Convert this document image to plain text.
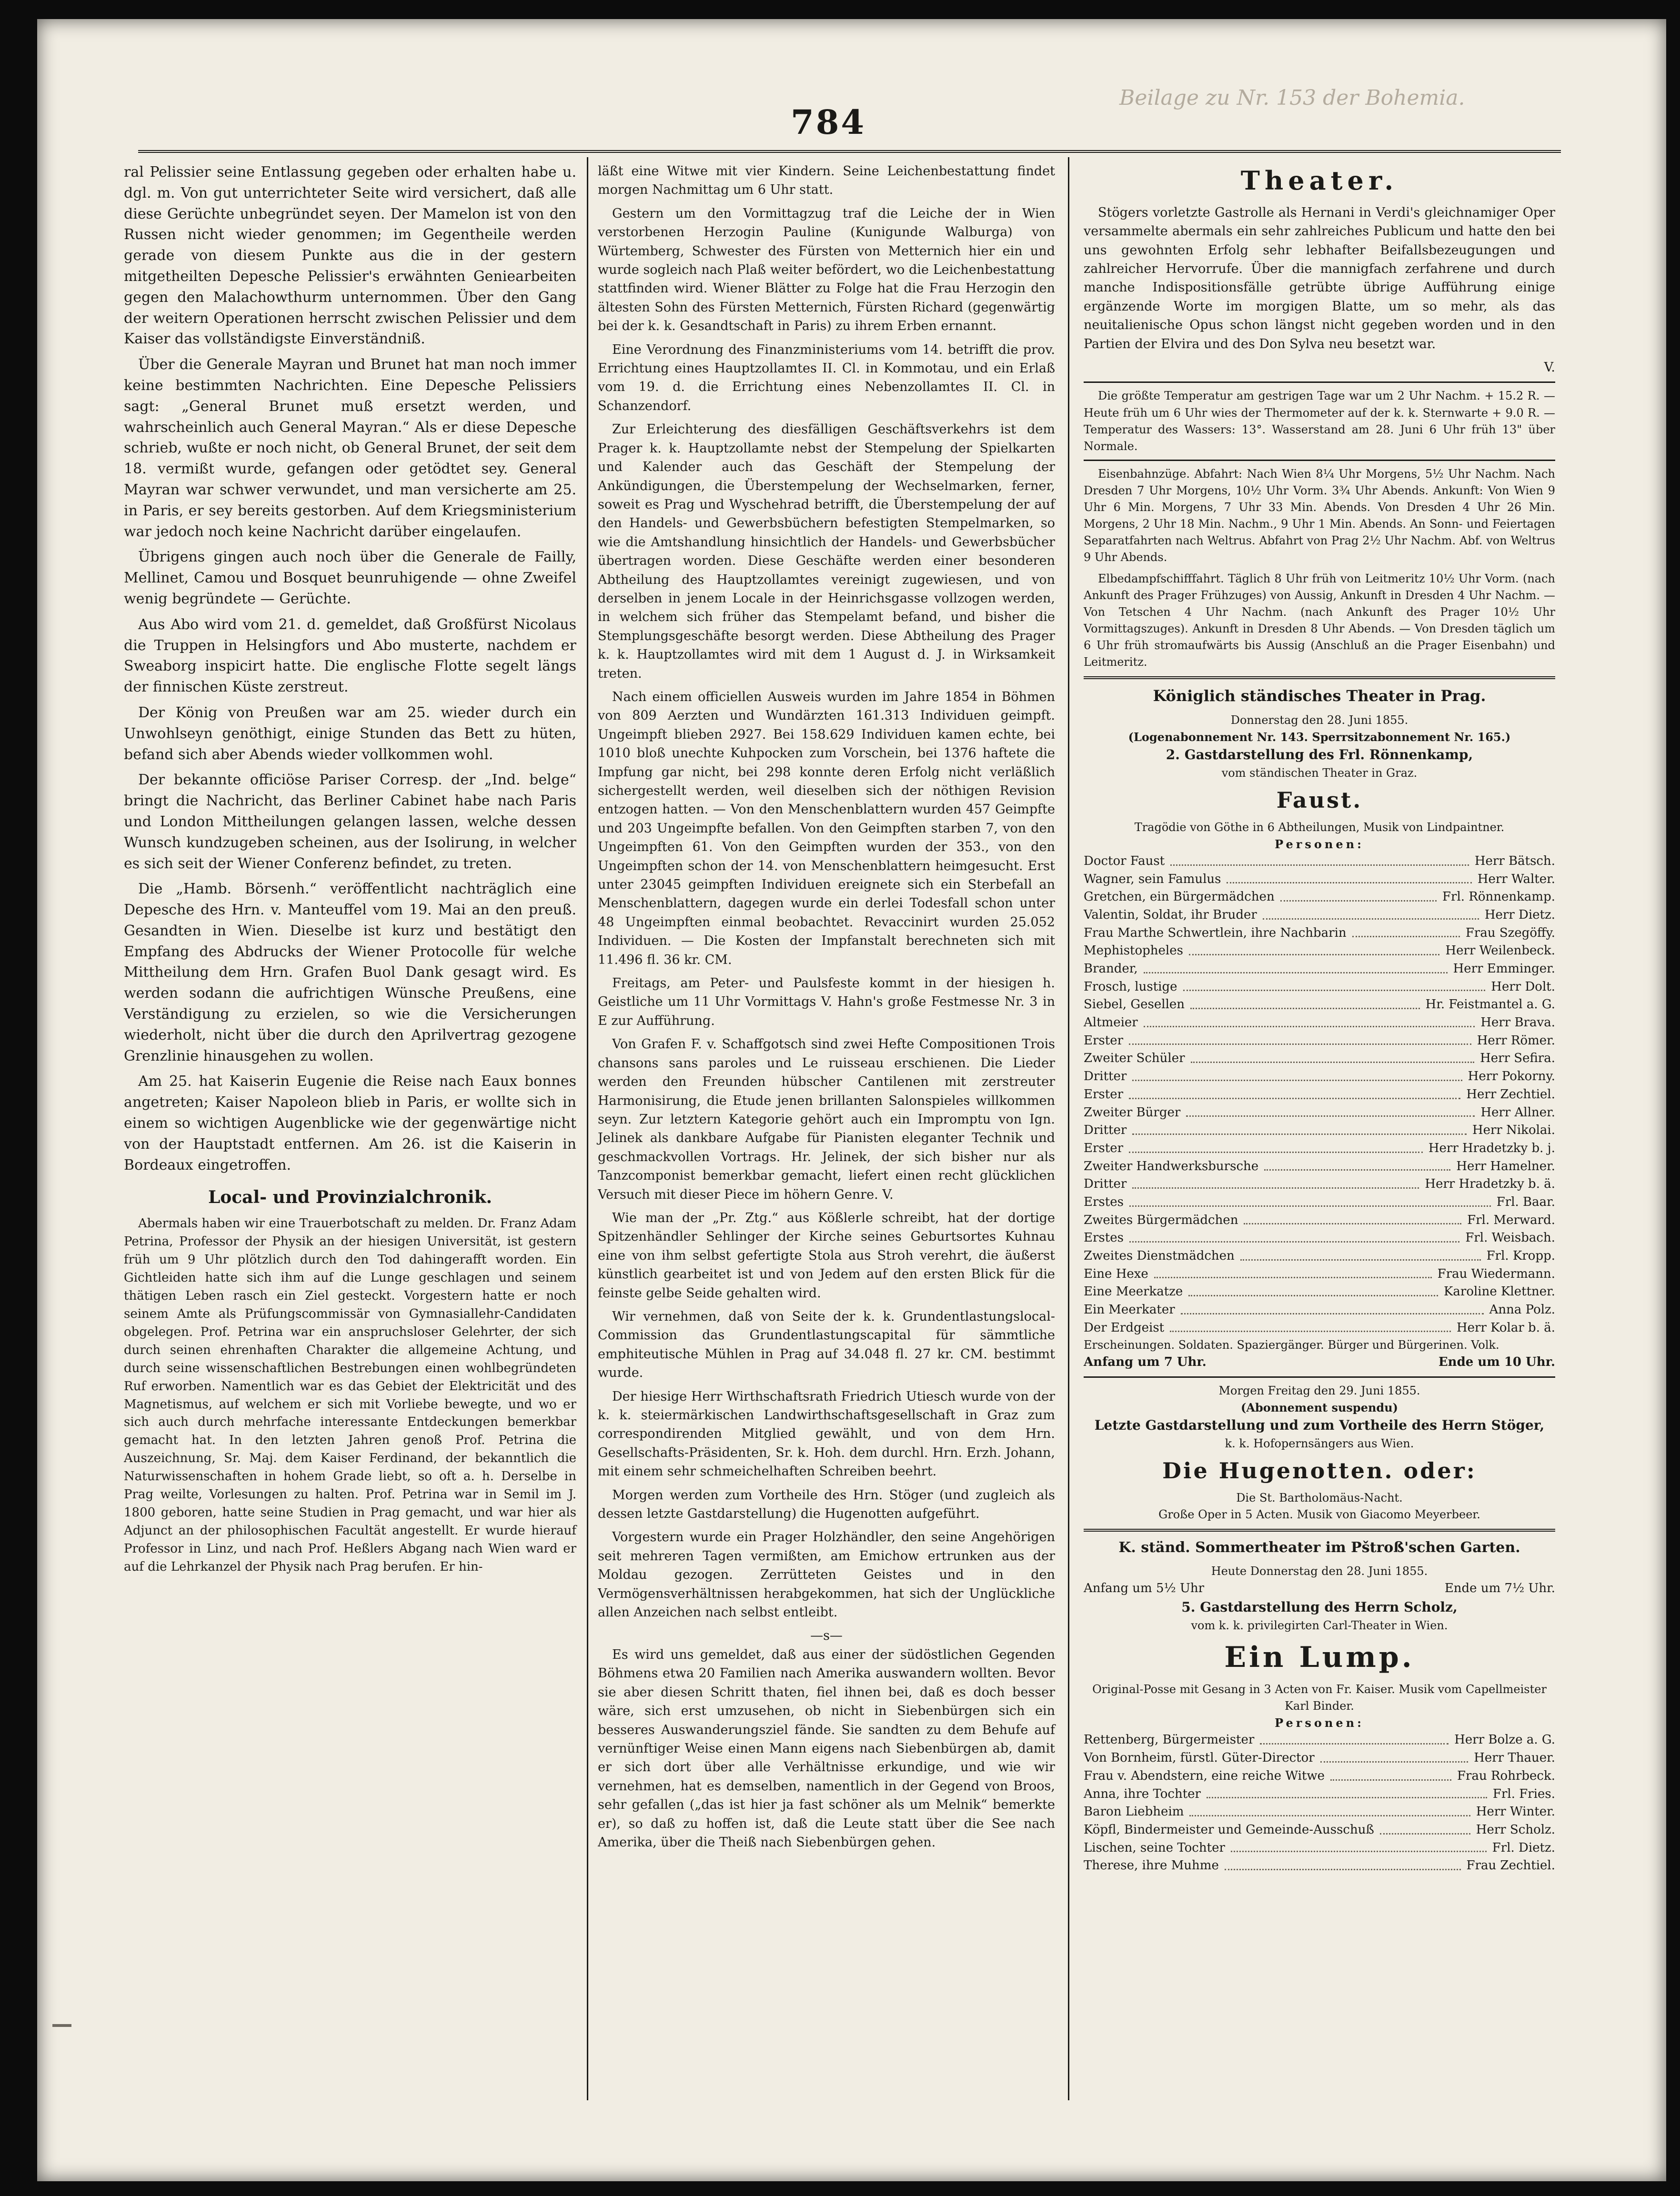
Beilage zu Nr. 153 der Bohemia.
784

ral Pelissier seine Entlassung gegeben oder erhalten habe u. dgl. m. Von gut unterrichteter Seite wird versichert, daß alle diese Gerüchte unbegründet seyen. Der Mamelon ist von den Russen nicht wieder genommen; im Gegentheile werden gerade von diesem Punkte aus die in der gestern mitgetheilten Depesche Pelissier's erwähnten Geniearbeiten gegen den Malachowthurm unternommen. Über den Gang der weitern Operationen herrscht zwischen Pelissier und dem Kaiser das vollständigste Einverständniß.

Über die Generale Mayran und Brunet hat man noch immer keine bestimmten Nachrichten. Eine Depesche Pelissiers sagt: „General Brunet muß ersetzt werden, und wahrscheinlich auch General Mayran.“ Als er diese Depesche schrieb, wußte er noch nicht, ob General Brunet, der seit dem 18. vermißt wurde, gefangen oder getödtet sey. General Mayran war schwer verwundet, und man versicherte am 25. in Paris, er sey bereits gestorben. Auf dem Kriegsministerium war jedoch noch keine Nachricht darüber eingelaufen.

Übrigens gingen auch noch über die Generale de Failly, Mellinet, Camou und Bosquet beunruhigende — ohne Zweifel wenig begründete — Gerüchte.

Aus Abo wird vom 21. d. gemeldet, daß Großfürst Nicolaus die Truppen in Helsingfors und Abo musterte, nachdem er Sweaborg inspicirt hatte. Die englische Flotte segelt längs der finnischen Küste zerstreut.

Der König von Preußen war am 25. wieder durch ein Unwohlseyn genöthigt, einige Stunden das Bett zu hüten, befand sich aber Abends wieder vollkommen wohl.

Der bekannte officiöse Pariser Corresp. der „Ind. belge“ bringt die Nachricht, das Berliner Cabinet habe nach Paris und London Mittheilungen gelangen lassen, welche dessen Wunsch kundzugeben scheinen, aus der Isolirung, in welcher es sich seit der Wiener Conferenz befindet, zu treten.

Die „Hamb. Börsenh.“ veröffentlicht nachträglich eine Depesche des Hrn. v. Manteuffel vom 19. Mai an den preuß. Gesandten in Wien. Dieselbe ist kurz und bestätigt den Empfang des Abdrucks der Wiener Protocolle für welche Mittheilung dem Hrn. Grafen Buol Dank gesagt wird. Es werden sodann die aufrichtigen Wünsche Preußens, eine Verständigung zu erzielen, so wie die Versicherungen wiederholt, nicht über die durch den Aprilvertrag gezogene Grenzlinie hinausgehen zu wollen.

Am 25. hat Kaiserin Eugenie die Reise nach Eaux bonnes angetreten; Kaiser Napoleon blieb in Paris, er wollte sich in einem so wichtigen Augenblicke wie der gegenwärtige nicht von der Hauptstadt entfernen. Am 26. ist die Kaiserin in Bordeaux eingetroffen.

Local- und Provinzialchronik.

Abermals haben wir eine Trauerbotschaft zu melden. Dr. Franz Adam Petrina, Professor der Physik an der hiesigen Universität, ist gestern früh um 9 Uhr plötzlich durch den Tod dahingerafft worden. Ein Gichtleiden hatte sich ihm auf die Lunge geschlagen und seinem thätigen Leben rasch ein Ziel gesteckt. Vorgestern hatte er noch seinem Amte als Prüfungscommissär von Gymnasiallehr-Candidaten obgelegen. Prof. Petrina war ein anspruchsloser Gelehrter, der sich durch seinen ehrenhaften Charakter die allgemeine Achtung, und durch seine wissenschaftlichen Bestrebungen einen wohlbegründeten Ruf erworben. Namentlich war es das Gebiet der Elektricität und des Magnetismus, auf welchem er sich mit Vorliebe bewegte, und wo er sich auch durch mehrfache interessante Entdeckungen bemerkbar gemacht hat. In den letzten Jahren genoß Prof. Petrina die Auszeichnung, Sr. Maj. dem Kaiser Ferdinand, der bekanntlich die Naturwissenschaften in hohem Grade liebt, so oft a. h. Derselbe in Prag weilte, Vorlesungen zu halten. Prof. Petrina war in Semil im J. 1800 geboren, hatte seine Studien in Prag gemacht, und war hier als Adjunct an der philosophischen Facultät angestellt. Er wurde hierauf Professor in Linz, und nach Prof. Heßlers Abgang nach Wien ward er auf die Lehrkanzel der Physik nach Prag berufen. Er hin-

läßt eine Witwe mit vier Kindern. Seine Leichenbestattung findet morgen Nachmittag um 6 Uhr statt.

Gestern um den Vormittagzug traf die Leiche der in Wien verstorbenen Herzogin Pauline (Kunigunde Walburga) von Würtemberg, Schwester des Fürsten von Metternich hier ein und wurde sogleich nach Plaß weiter befördert, wo die Leichenbestattung stattfinden wird. Wiener Blätter zu Folge hat die Frau Herzogin den ältesten Sohn des Fürsten Metternich, Fürsten Richard (gegenwärtig bei der k. k. Gesandtschaft in Paris) zu ihrem Erben ernannt.

Eine Verordnung des Finanzministeriums vom 14. betrifft die prov. Errichtung eines Hauptzollamtes II. Cl. in Kommotau, und ein Erlaß vom 19. d. die Errichtung eines Nebenzollamtes II. Cl. in Schanzendorf.

Zur Erleichterung des diesfälligen Geschäftsverkehrs ist dem Prager k. k. Hauptzollamte nebst der Stempelung der Spielkarten und Kalender auch das Geschäft der Stempelung der Ankündigungen, die Überstempelung der Wechselmarken, ferner, soweit es Prag und Wyschehrad betrifft, die Überstempelung der auf den Handels- und Gewerbsbüchern befestigten Stempelmarken, so wie die Amtshandlung hinsichtlich der Handels- und Gewerbsbücher übertragen worden. Diese Geschäfte werden einer besonderen Abtheilung des Hauptzollamtes vereinigt zugewiesen, und von derselben in jenem Locale in der Heinrichsgasse vollzogen werden, in welchem sich früher das Stempelamt befand, und bisher die Stemplungsgeschäfte besorgt werden. Diese Abtheilung des Prager k. k. Hauptzollamtes wird mit dem 1 August d. J. in Wirksamkeit treten.

Nach einem officiellen Ausweis wurden im Jahre 1854 in Böhmen von 809 Aerzten und Wundärzten 161.313 Individuen geimpft. Ungeimpft blieben 2927. Bei 158.629 Individuen kamen echte, bei 1010 bloß unechte Kuhpocken zum Vorschein, bei 1376 haftete die Impfung gar nicht, bei 298 konnte deren Erfolg nicht verläßlich sichergestellt werden, weil dieselben sich der nöthigen Revision entzogen hatten. — Von den Menschenblattern wurden 457 Geimpfte und 203 Ungeimpfte befallen. Von den Geimpften starben 7, von den Ungeimpften 61. Von den Geimpften wurden der 353., von den Ungeimpften schon der 14. von Menschenblattern heimgesucht. Erst unter 23045 geimpften Individuen ereignete sich ein Sterbefall an Menschenblattern, dagegen wurde ein derlei Todesfall schon unter 48 Ungeimpften einmal beobachtet. Revaccinirt wurden 25.052 Individuen. — Die Kosten der Impfanstalt berechneten sich mit 11.496 fl. 36 kr. CM.

Freitags, am Peter- und Paulsfeste kommt in der hiesigen h. Geistliche um 11 Uhr Vormittags V. Hahn's große Festmesse Nr. 3 in E zur Aufführung.

Von Grafen F. v. Schaffgotsch sind zwei Hefte Compositionen Trois chansons sans paroles und Le ruisseau erschienen. Die Lieder werden den Freunden hübscher Cantilenen mit zerstreuter Harmonisirung, die Etude jenen brillanten Salonspieles willkommen seyn. Zur letztern Kategorie gehört auch ein Impromptu von Ign. Jelinek als dankbare Aufgabe für Pianisten eleganter Technik und geschmackvollen Vortrags. Hr. Jelinek, der sich bisher nur als Tanzcomponist bemerkbar gemacht, liefert einen recht glücklichen Versuch mit dieser Piece im höhern Genre. V.

Wie man der „Pr. Ztg.“ aus Kößlerle schreibt, hat der dortige Spitzenhändler Sehlinger der Kirche seines Geburtsortes Kuhnau eine von ihm selbst gefertigte Stola aus Stroh verehrt, die äußerst künstlich gearbeitet ist und von Jedem auf den ersten Blick für die feinste gelbe Seide gehalten wird.

Wir vernehmen, daß von Seite der k. k. Grundentlastungslocal-Commission das Grundentlastungscapital für sämmtliche emphiteutische Mühlen in Prag auf 34.048 fl. 27 kr. CM. bestimmt wurde.

Der hiesige Herr Wirthschaftsrath Friedrich Utiesch wurde von der k. k. steiermärkischen Landwirthschaftsgesellschaft in Graz zum correspondirenden Mitglied gewählt, und von dem Hrn. Gesellschafts-Präsidenten, Sr. k. Hoh. dem durchl. Hrn. Erzh. Johann, mit einem sehr schmeichelhaften Schreiben beehrt.

Morgen werden zum Vortheile des Hrn. Stöger (und zugleich als dessen letzte Gastdarstellung) die Hugenotten aufgeführt.

Vorgestern wurde ein Prager Holzhändler, den seine Angehörigen seit mehreren Tagen vermißten, am Emichow ertrunken aus der Moldau gezogen. Zerrütteten Geistes und in den Vermögensverhältnissen herabgekommen, hat sich der Unglückliche allen Anzeichen nach selbst entleibt.

—s—

Es wird uns gemeldet, daß aus einer der südöstlichen Gegenden Böhmens etwa 20 Familien nach Amerika auswandern wollten. Bevor sie aber diesen Schritt thaten, fiel ihnen bei, daß es doch besser wäre, sich erst umzusehen, ob nicht in Siebenbürgen sich ein besseres Auswanderungsziel fände. Sie sandten zu dem Behufe auf vernünftiger Weise einen Mann eigens nach Siebenbürgen ab, damit er sich dort über alle Verhältnisse erkundige, und wie wir vernehmen, hat es demselben, namentlich in der Gegend von Broos, sehr gefallen („das ist hier ja fast schöner als um Melnik“ bemerkte er), so daß zu hoffen ist, daß die Leute statt über die See nach Amerika, über die Theiß nach Siebenbürgen gehen.

Theater.

Stögers vorletzte Gastrolle als Hernani in Verdi's gleichnamiger Oper versammelte abermals ein sehr zahlreiches Publicum und hatte den bei uns gewohnten Erfolg sehr lebhafter Beifallsbezeugungen und zahlreicher Hervorrufe. Über die mannigfach zerfahrene und durch manche Indispositionsfälle getrübte übrige Aufführung einige ergänzende Worte im morgigen Blatte, um so mehr, als das neuitalienische Opus schon längst nicht gegeben worden und in den Partien der Elvira und des Don Sylva neu besetzt war.

V.

Die größte Temperatur am gestrigen Tage war um 2 Uhr Nachm. + 15.2 R. — Heute früh um 6 Uhr wies der Thermometer auf der k. k. Sternwarte + 9.0 R. — Temperatur des Wassers: 13°. Wasserstand am 28. Juni 6 Uhr früh 13" über Normale.

Eisenbahnzüge. Abfahrt: Nach Wien 8¼ Uhr Morgens, 5½ Uhr Nachm. Nach Dresden 7 Uhr Morgens, 10½ Uhr Vorm. 3¾ Uhr Abends. Ankunft: Von Wien 9 Uhr 6 Min. Morgens, 7 Uhr 33 Min. Abends. Von Dresden 4 Uhr 26 Min. Morgens, 2 Uhr 18 Min. Nachm., 9 Uhr 1 Min. Abends. An Sonn- und Feiertagen Separatfahrten nach Weltrus. Abfahrt von Prag 2½ Uhr Nachm. Abf. von Weltrus 9 Uhr Abends.

Elbedampfschifffahrt. Täglich 8 Uhr früh von Leitmeritz 10½ Uhr Vorm. (nach Ankunft des Prager Frühzuges) von Aussig, Ankunft in Dresden 4 Uhr Nachm. — Von Tetschen 4 Uhr Nachm. (nach Ankunft des Prager 10½ Uhr Vormittagszuges). Ankunft in Dresden 8 Uhr Abends. — Von Dresden täglich um 6 Uhr früh stromaufwärts bis Aussig (Anschluß an die Prager Eisenbahn) und Leitmeritz.

Königlich ständisches Theater in Prag.
Donnerstag den 28. Juni 1855.
(Logenabonnement Nr. 143. Sperrsitzabonnement Nr. 165.)
2. Gastdarstellung des Frl. Rönnenkamp,
vom ständischen Theater in Graz.
Faust.
Tragödie von Göthe in 6 Abtheilungen, Musik von Lindpaintner.
Personen:
Doctor Faust	Herr Bätsch.
Wagner, sein Famulus	Herr Walter.
Gretchen, ein Bürgermädchen	Frl. Rönnenkamp.
Valentin, Soldat, ihr Bruder	Herr Dietz.
Frau Marthe Schwertlein, ihre Nachbarin	Frau Szegöffy.
Mephistopheles	Herr Weilenbeck.
Brander,	Herr Emminger.
Frosch, lustige	Herr Dolt.
Siebel, Gesellen	Hr. Feistmantel a. G.
Altmeier	Herr Brava.
Erster	Herr Römer.
Zweiter Schüler	Herr Sefira.
Dritter	Herr Pokorny.
Erster	Herr Zechtiel.
Zweiter Bürger	Herr Allner.
Dritter	Herr Nikolai.
Erster	Herr Hradetzky b. j.
Zweiter Handwerksbursche	Herr Hamelner.
Dritter	Herr Hradetzky b. ä.
Erstes	Frl. Baar.
Zweites Bürgermädchen	Frl. Merward.
Erstes	Frl. Weisbach.
Zweites Dienstmädchen	Frl. Kropp.
Eine Hexe	Frau Wiedermann.
Eine Meerkatze	Karoline Klettner.
Ein Meerkater	Anna Polz.
Der Erdgeist	Herr Kolar b. ä.
Erscheinungen. Soldaten. Spaziergänger. Bürger und Bürgerinen. Volk.
Anfang um 7 Uhr.	Ende um 10 Uhr.
Morgen Freitag den 29. Juni 1855.
(Abonnement suspendu)
Letzte Gastdarstellung und zum Vortheile des Herrn Stöger,
k. k. Hofopernsängers aus Wien.
Die Hugenotten. oder:
Die St. Bartholomäus-Nacht.
Große Oper in 5 Acten. Musik von Giacomo Meyerbeer.
K. ständ. Sommertheater im Pštroß'schen Garten.
Heute Donnerstag den 28. Juni 1855.
Anfang um 5½ Uhr	Ende um 7½ Uhr.
5. Gastdarstellung des Herrn Scholz,
vom k. k. privilegirten Carl-Theater in Wien.
Ein Lump.
Original-Posse mit Gesang in 3 Acten von Fr. Kaiser. Musik vom Capellmeister Karl Binder.
Personen:
Rettenberg, Bürgermeister	Herr Bolze a. G.
Von Bornheim, fürstl. Güter-Director	Herr Thauer.
Frau v. Abendstern, eine reiche Witwe	Frau Rohrbeck.
Anna, ihre Tochter	Frl. Fries.
Baron Liebheim	Herr Winter.
Köpfl, Bindermeister und Gemeinde-Ausschuß	Herr Scholz.
Lischen, seine Tochter	Frl. Dietz.
Therese, ihre Muhme	Frau Zechtiel.
